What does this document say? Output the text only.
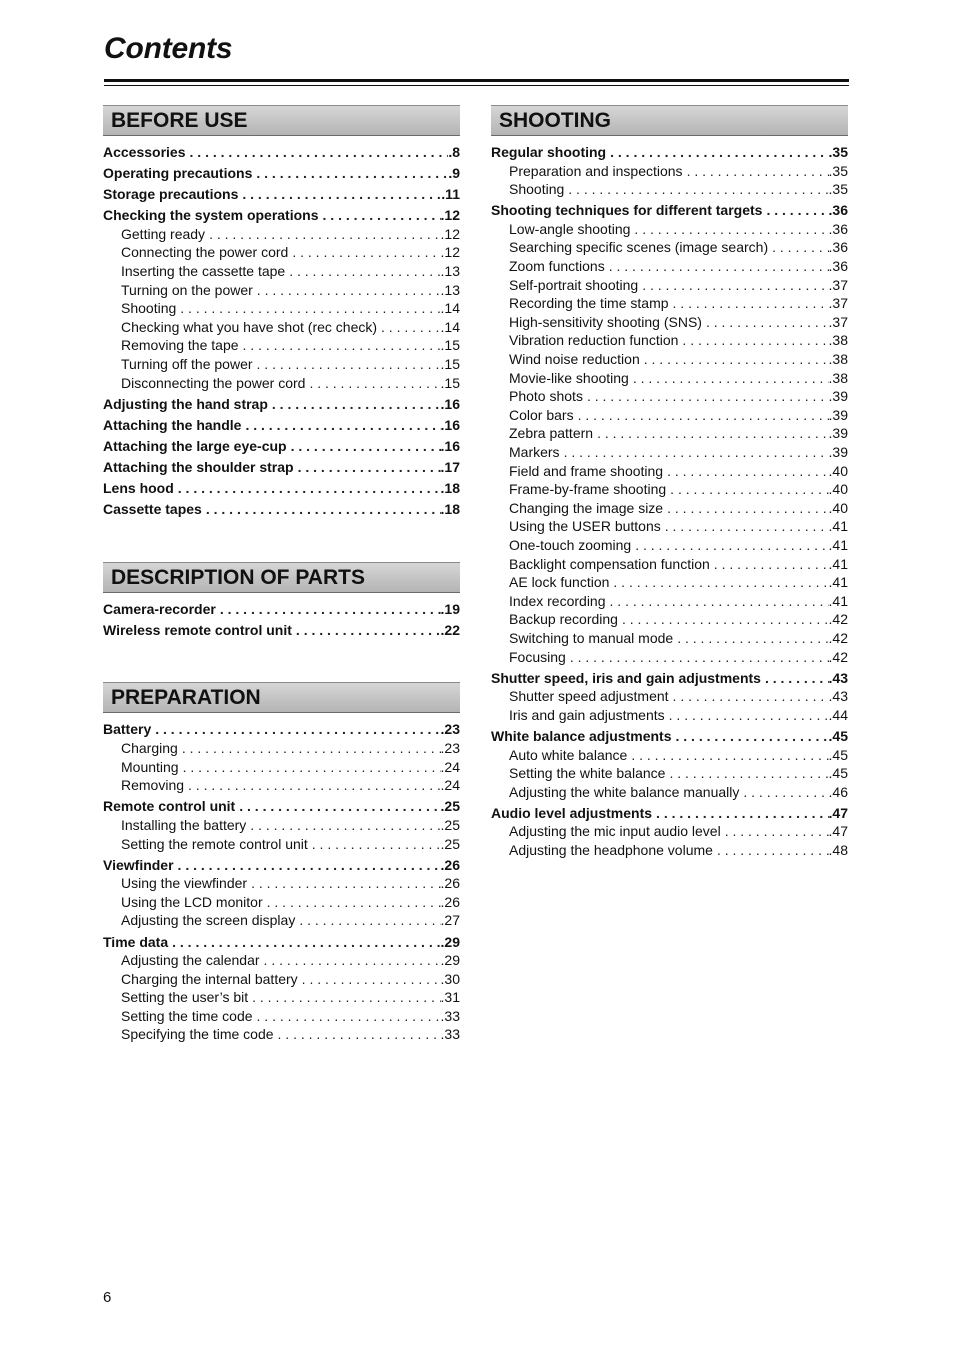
Contents
BEFORE USE
Accessories . . .	.8
Operating precautions . . .	.9
Storage precautions . . .	.11
Checking the system operations . . .	.12
Getting ready . . .	.12
Connecting the power cord . . .	.12
Inserting the cassette tape . . .	.13
Turning on the power . . .	.13
Shooting . . .	.14
Checking what you have shot (rec check) . . .	.14
Removing the tape . . .	.15
Turning off the power . . .	.15
Disconnecting the power cord . . .	.15
Adjusting the hand strap . . .	.16
Attaching the handle . . .	.16
Attaching the large eye-cup . . .	.16
Attaching the shoulder strap . . .	.17
Lens hood . . .	.18
Cassette tapes . . .	.18
DESCRIPTION OF PARTS
Camera-recorder . . .	.19
Wireless remote control unit . . .	.22
PREPARATION
Battery . . .	.23
Charging . . .	.23
Mounting . . .	.24
Removing . . .	.24
Remote control unit . . .	.25
Installing the battery . . .	.25
Setting the remote control unit . . .	.25
Viewfinder . . .	.26
Using the viewfinder . . .	.26
Using the LCD monitor . . .	.26
Adjusting the screen display . . .	.27
Time data . . .	.29
Adjusting the calendar . . .	.29
Charging the internal battery . . .	.30
Setting the user’s bit . . .	.31
Setting the time code . . .	.33
Specifying the time code . . .	.33
SHOOTING
Regular shooting . . .	.35
Preparation and inspections . . .	.35
Shooting . . .	.35
Shooting techniques for different targets . . .	.36
Low-angle shooting . . .	.36
Searching specific scenes (image search) . . .	.36
Zoom functions . . .	.36
Self-portrait shooting . . .	.37
Recording the time stamp . . .	.37
High-sensitivity shooting (SNS) . . .	.37
Vibration reduction function . . .	.38
Wind noise reduction . . .	.38
Movie-like shooting . . .	.38
Photo shots . . .	.39
Color bars . . .	.39
Zebra pattern . . .	.39
Markers . . .	.39
Field and frame shooting . . .	.40
Frame-by-frame shooting . . .	.40
Changing the image size . . .	.40
Using the USER buttons . . .	.41
One-touch zooming . . .	.41
Backlight compensation function . . .	.41
AE lock function . . .	.41
Index recording . . .	.41
Backup recording . . .	.42
Switching to manual mode . . .	.42
Focusing . . .	.42
Shutter speed, iris and gain adjustments . . .	.43
Shutter speed adjustment . . .	.43
Iris and gain adjustments . . .	.44
White balance adjustments . . .	.45
Auto white balance . . .	.45
Setting the white balance . . .	.45
Adjusting the white balance manually . . .	.46
Audio level adjustments . . .	.47
Adjusting the mic input audio level . . .	.47
Adjusting the headphone volume . . .	.48
6
